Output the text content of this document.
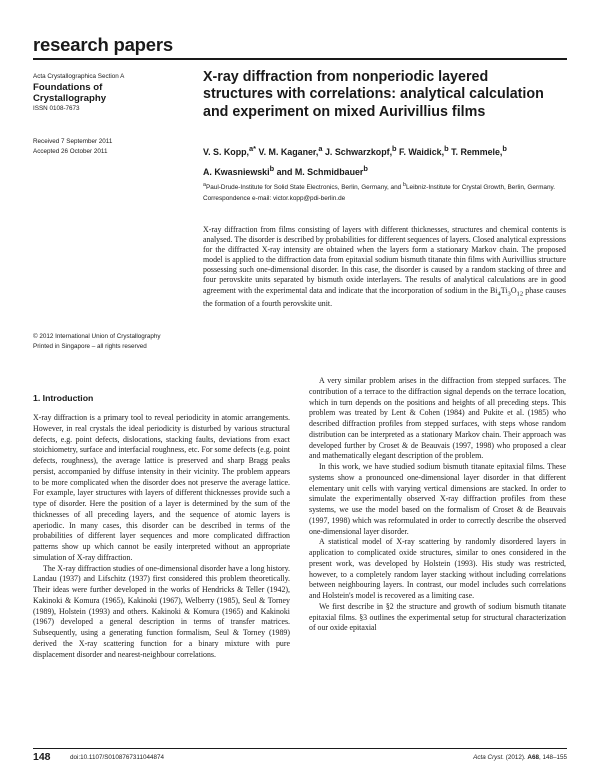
research papers
Acta Crystallographica Section A
Foundations of
Crystallography
ISSN 0108-7673
Received 7 September 2011
Accepted 26 October 2011
© 2012 International Union of Crystallography
Printed in Singapore – all rights reserved
X-ray diffraction from nonperiodic layered structures with correlations: analytical calculation and experiment on mixed Aurivillius films
V. S. Kopp,$^{a*}$ V. M. Kaganer,$^a$ J. Schwarzkopf,$^b$ F. Waidick,$^b$ T. Remmele,$^b$
A. Kwasniewski$^b$ and M. Schmidbauer$^b$
$^a$Paul-Drude-Institute for Solid State Electronics, Berlin, Germany, and $^b$Leibniz-Institute for Crystal Growth, Berlin, Germany. Correspondence e-mail: victor.kopp@pdi-berlin.de
X-ray diffraction from films consisting of layers with different thicknesses, structures and chemical contents is analysed. The disorder is described by probabilities for different sequences of layers. Closed analytical expressions for the diffracted X-ray intensity are obtained when the layers form a stationary Markov chain. The proposed model is applied to the diffraction data from epitaxial sodium bismuth titanate thin films with Aurivillius structure possessing such one-dimensional disorder. In this case, the disorder is caused by a random stacking of three and four perovskite units separated by bismuth oxide interlayers. The results of analytical calculations are in good agreement with the experimental data and indicate that the incorporation of sodium in the $Bi_4Ti_3O_{12}$ phase causes the formation of a fourth perovskite unit.
1. Introduction

X-ray diffraction is a primary tool to reveal periodicity in atomic arrangements. However, in real crystals the ideal periodicity is disturbed by various structural defects, e.g. point defects, dislocations, stacking faults, deviations from exact stoichiometry, surface and interfacial roughness, etc. For some defects (e.g. point defects, roughness), the average lattice is preserved and sharp Bragg peaks persist, accompanied by diffuse intensity in their vicinity. The problem appears to be more complicated when the disorder does not preserve the average lattice. For example, layer structures with layers of different thicknesses provide such a type of disorder. Here the position of a layer is determined by the sum of the thicknesses of all preceding layers, and the sequence of atomic layers is aperiodic. In many cases, this disorder can be described in terms of the probabilities of different layer sequences and more complicated diffraction patterns show up which cannot be easily interpreted without an appropriate simulation of X-ray diffraction.

The X-ray diffraction studies of one-dimensional disorder have a long history. Landau (1937) and Lifschitz (1937) first considered this problem theoretically. Their ideas were further developed in the works of Hendricks & Teller (1942), Kakinoki & Komura (1965), Kakinoki (1967), Welberry (1985), Seul & Torney (1989), Holstein (1993) and others. Kakinoki & Komura (1965) and Kakinoki (1967) developed a general description in terms of transfer matrices. Subsequently, using a generating function formalism, Seul & Torney (1989) derived the X-ray scattering function for a binary mixture with pure displacement disorder and nearest-neighbour correlations.

A very similar problem arises in the diffraction from stepped surfaces. The contribution of a terrace to the diffraction signal depends on the terrace location, which in turn depends on the positions and heights of all preceding steps. This problem was treated by Lent & Cohen (1984) and Pukite et al. (1985) who described diffraction profiles from stepped surfaces, with steps whose random distribution can be interpreted as a stationary Markov chain. Their approach was developed further by Croset & de Beauvais (1997, 1998) who proposed a clear and mathematically elegant description of the problem.

In this work, we have studied sodium bismuth titanate epitaxial films. These systems show a pronounced one-dimensional layer disorder in that different elementary unit cells with varying vertical dimensions are stacked. In order to simulate the experimentally observed X-ray diffraction profiles from these systems, we use the model based on the formalism of Croset & de Beauvais (1997, 1998) which was reformulated in order to correctly describe the observed one-dimensional layer disorder.

A statistical model of X-ray scattering by randomly disordered layers in application to complicated oxide structures, similar to ones considered in the present work, was developed by Holstein (1993). His study was restricted, however, to a completely random layer stacking without including correlations between neighbouring layers. In contrast, our model includes such correlations and Holstein's model is recovered as a limiting case.

We first describe in §2 the structure and growth of sodium bismuth titanate epitaxial films. §3 outlines the experimental setup for structural characterization of our oxide epitaxial

148	doi:10.1107/S0108767311044874	Acta Cryst. (2012). A68, 148–155
